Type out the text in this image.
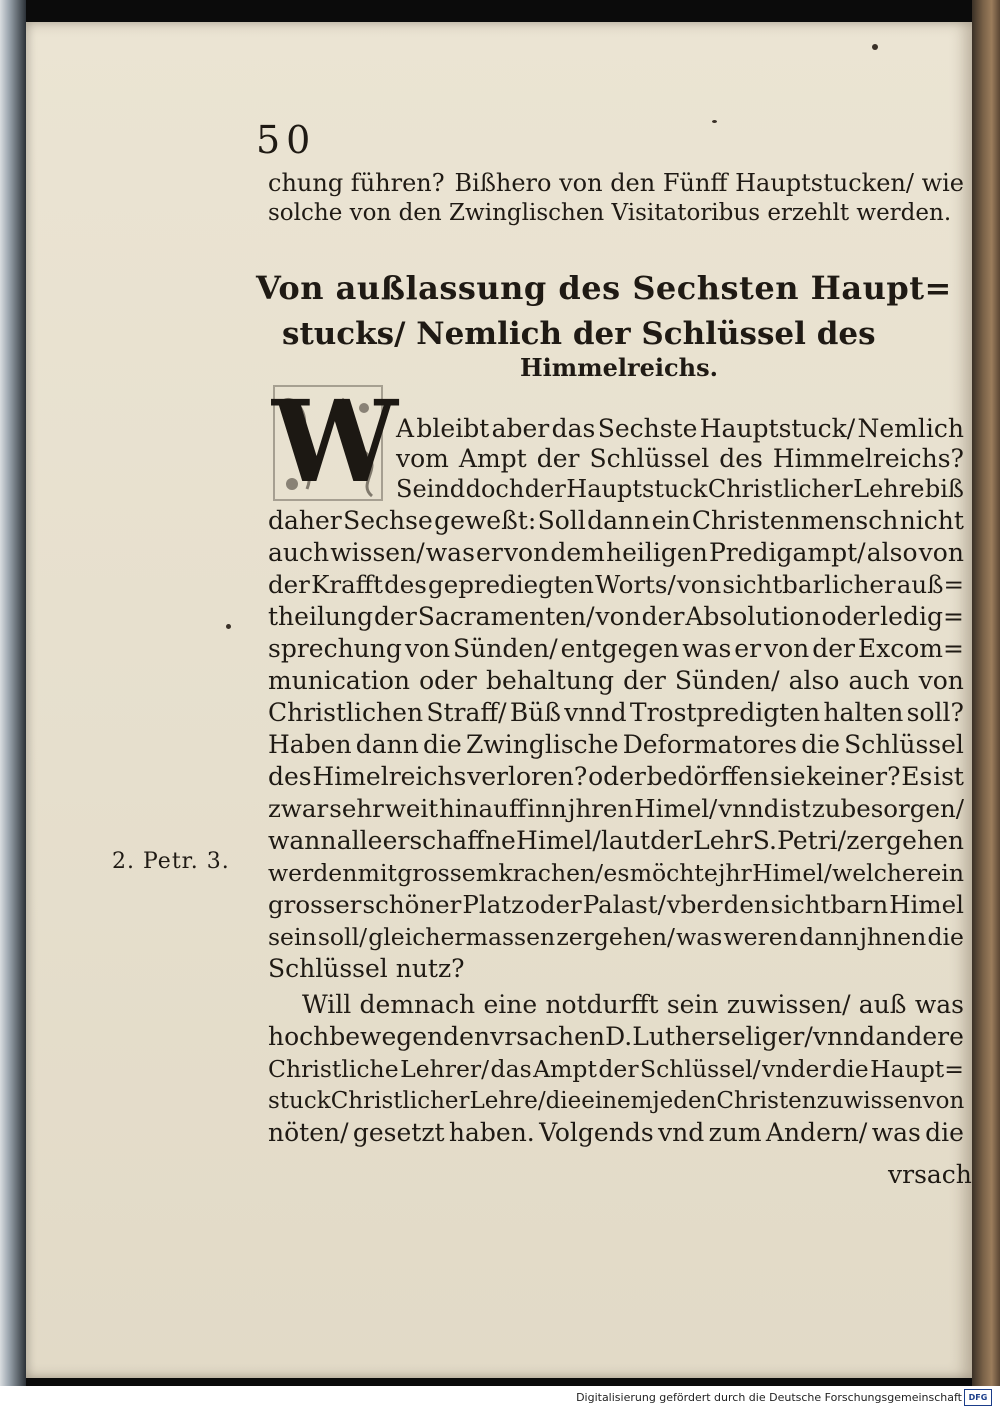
50
chung führen? Bißhero von den Fünff Hauptstucken/ wie
solche von den Zwinglischen Visitatoribus erzehlt werden.
Von außlassung des Sechsten Haupt=
stucks/ Nemlich der Schlüssel des
Himmelreichs.
W
A bleibt aber das Sechste Hauptstuck/ Nemlich
vom Ampt der Schlüssel des Himmelreichs?
Seind doch der Hauptstuck Christlicher Lehre biß
daher Sechse geweßt: Soll dann ein Christenmensch nicht
auch wissen/ was er von dem heiligen Predigampt/ also von
der Krafft des geprediegten Worts/ von sichtbarlicher auß=
theilung der Sacramenten/ von der Absolution oder ledig=
sprechung von Sünden/ entgegen was er von der Excom=
munication oder behaltung der Sünden/ also auch von
Christlichen Straff/ Büß vnnd Trostpredigten halten soll?
Haben dann die Zwinglische Deformatores die Schlüssel
des Himelreichs verloren? oder bedörffen sie keiner? Es ist
zwar sehr weit hinauff inn jhren Himel/ vnnd ist zubesorgen/
wann alle erschaffne Himel/ laut der Lehr S. Petri/ zergehen
werden mit grossem krachen/ es möchte jhr Himel/ welcher ein
grosser schöner Platz oder Palast/ vber den sichtbarn Himel
sein soll/ gleichermassen zergehen/ was weren dann jhnen die
Schlüssel nutz?
Will demnach eine notdurfft sein zuwissen/ auß was
hochbewegenden vrsachen D. Luther seliger/ vnnd andere
Christliche Lehrer/ das Ampt der Schlüssel/ vnder die Haupt=
stuck Christlicher Lehre/ die einem jeden Christen zu wissen von
nöten/ gesetzt haben. Volgends vnd zum Andern/ was die
vrsach
2. Petr. 3.
Digitalisierung gefördert durch die Deutsche Forschungsgemeinschaft DFG
